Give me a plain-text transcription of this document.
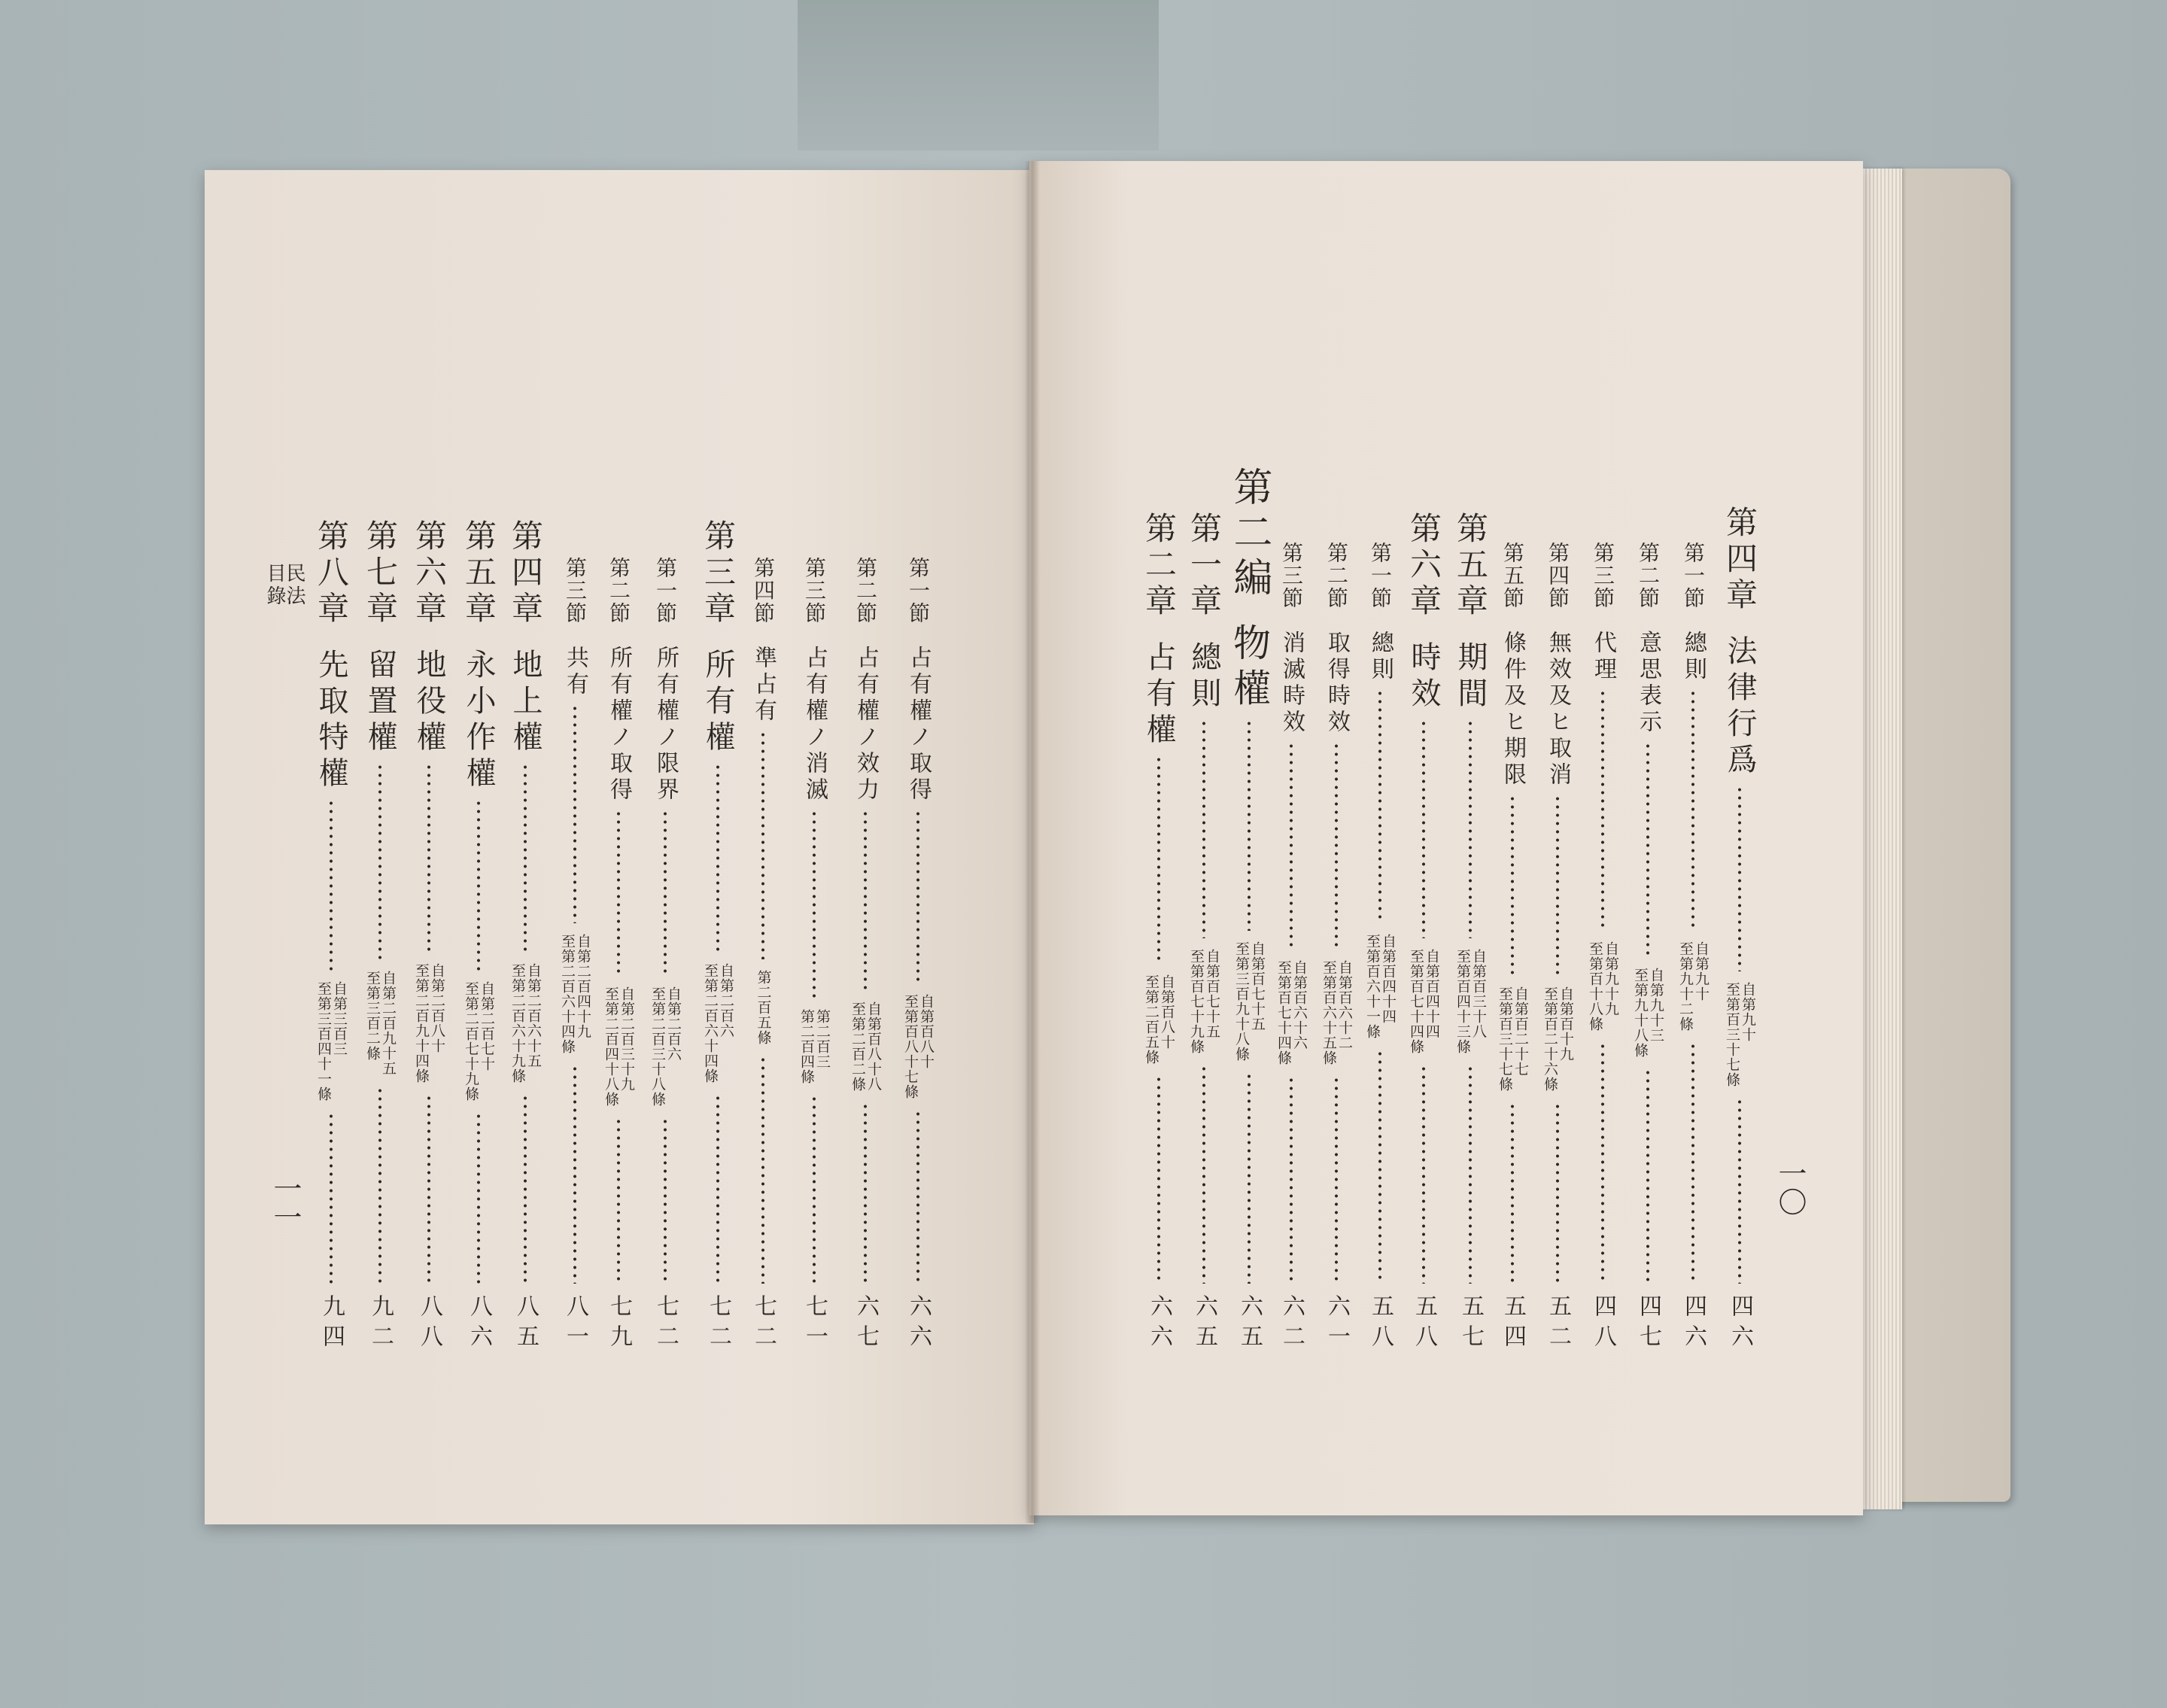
民法
目錄
一一	一〇
第一節
占有權ノ取得
自第百八十
至第百八十七條
六六
第二節
占有權ノ效力
自第百八十八
至第二百二條
六七
第三節
占有權ノ消滅
第二百三
第二百四條
七一
第四節
準占有
第二百五條
七二
第三章
所有權
自第二百六
至第二百六十四條
七二
第一節
所有權ノ限界
自第二百六
至第二百三十八條
七二
第二節
所有權ノ取得
自第二百三十九
至第二百四十八條
七九
第三節
共有
自第二百四十九
至第二百六十四條
八一
第四章
地上權
自第二百六十五
至第二百六十九條
八五
第五章
永小作權
自第二百七十
至第二百七十九條
八六
第六章
地役權
自第二百八十
至第二百九十四條
八八
第七章
留置權
自第二百九十五
至第三百二條
九二
第八章
先取特權
自第三百三
至第三百四十一條
九四
第四章
法律行爲
自第九十
至第百三十七條
四六
第一節
總則
自第九十
至第九十二條
四六
第二節
意思表示
自第九十三
至第九十八條
四七
第三節
代理
自第九十九
至第百十八條
四八
第四節
無效及ヒ取消
自第百十九
至第百二十六條
五二
第五節
條件及ヒ期限
自第百二十七
至第百三十七條
五四
第五章
期間
自第百三十八
至第百四十三條
五七
第六章
時效
自第百四十四
至第百七十四條
五八
第一節
總則
自第百四十四
至第百六十一條
五八
第二節
取得時效
自第百六十二
至第百六十五條
六一
第三節
消滅時效
自第百六十六
至第百七十四條
六二
第二編
物權
自第百七十五
至第三百九十八條
六五
第一章
總則
自第百七十五
至第百七十九條
六五
第二章
占有權
自第百八十
至第二百五條
六六
